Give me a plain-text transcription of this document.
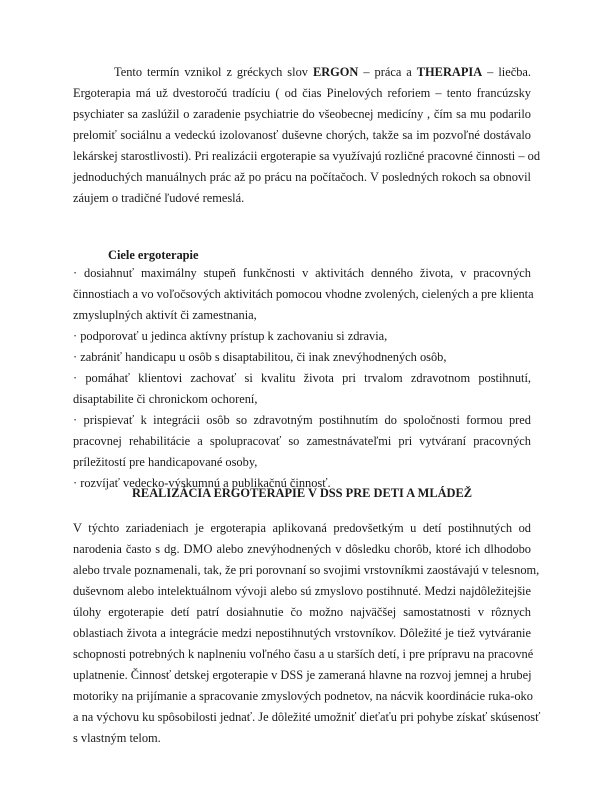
Tento termín vznikol z gréckych slov ERGON – práca a THERAPIA – liečba.
Ergoterapia má už dvestoročú tradíciu ( od čias Pinelových reforiem – tento francúzsky
psychiater sa zaslúžil o zaradenie psychiatrie do všeobecnej medicíny , čím sa mu podarilo
prelomiť sociálnu a vedeckú izolovanosť duševne chorých, takže sa im pozvoľné dostávalo
lekárskej starostlivosti). Pri realizácii ergoterapie sa využívajú rozličné pracovné činnosti – od
jednoduchých manuálnych prác až po prácu na počítačoch. V posledných rokoch sa obnovil
záujem o tradičné ľudové remeslá.
Ciele ergoterapie
· dosiahnuť maximálny stupeň funkčnosti v aktivitách denného života, v pracovných
činnostiach a vo voľočsových aktivitách pomocou vhodne zvolených, cielených a pre klienta
zmysluplných aktivít či zamestnania,
· podporovať u jedinca aktívny prístup k zachovaniu si zdravia,
· zabrániť handicapu u osôb s disaptabilitou, či inak znevýhodnených osôb,
· pomáhať klientovi zachovať si kvalitu života pri trvalom zdravotnom postihnutí,
disaptabilite či chronickom ochorení,
· prispievať k integrácii osôb so zdravotným postihnutím do spoločnosti formou pred
pracovnej rehabilitácie a spolupracovať so zamestnávateľmi pri vytváraní pracovných
príležitostí pre handicapované osoby,
· rozvíjať vedecko-výskumnú a publikačnú činnosť.
REALIZÁCIA ERGOTERAPIE V DSS PRE DETI A MLÁDEŽ
V týchto zariadeniach je ergoterapia aplikovaná predovšetkým u detí postihnutých od
narodenia často s dg. DMO alebo znevýhodnených v dôsledku chorôb, ktoré ich dlhodobo
alebo trvale poznamenali, tak, že pri porovnaní so svojimi vrstovníkmi zaostávajú v telesnom,
duševnom alebo intelektuálnom vývoji alebo sú zmyslovo postihnuté. Medzi najdôležitejšie
úlohy ergoterapie detí patrí dosiahnutie čo možno najväčšej samostatnosti v rôznych
oblastiach života a integrácie medzi nepostihnutých vrstovníkov. Dôležité je tiež vytváranie
schopnosti potrebných k naplneniu voľného času a u starších detí, i pre prípravu na pracovné
uplatnenie. Činnosť detskej ergoterapie v DSS je zameraná hlavne na rozvoj jemnej a hrubej
motoriky na prijímanie a spracovanie zmyslových podnetov, na nácvik koordinácie ruka-oko
a na výchovu ku spôsobilosti jednať. Je dôležité umožniť dieťaťu pri pohybe získať skúsenosť
s vlastným telom.
